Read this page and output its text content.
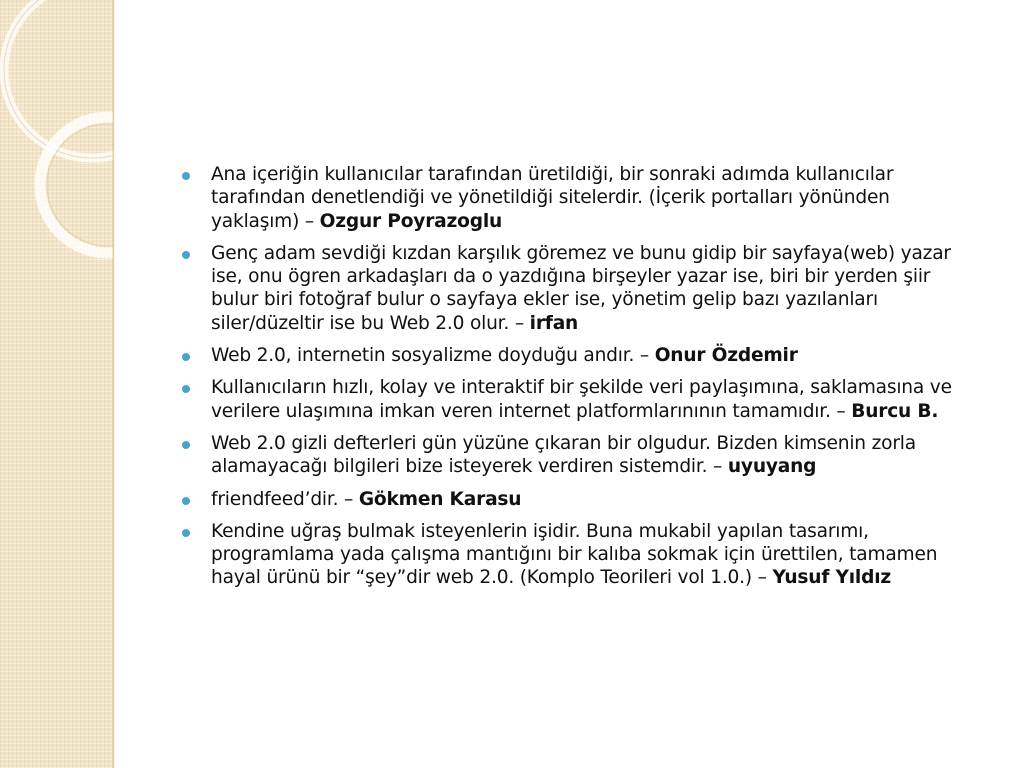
Ana içeriğin kullanıcılar tarafından üretildiği, bir sonraki adımda kullanıcılar tarafından denetlendiği ve yönetildiği sitelerdir. (İçerik portalları yönünden yaklaşım) – Ozgur Poyrazoglu
Genç adam sevdiği kızdan karşılık göremez ve bunu gidip bir sayfaya(web) yazar ise, onu ögren arkadaşları da o yazdığına birşeyler yazar ise, biri bir yerden şiir bulur biri fotoğraf bulur o sayfaya ekler ise, yönetim gelip bazı yazılanları siler/düzeltir ise bu Web 2.0 olur. – irfan
Web 2.0, internetin sosyalizme doyduğu andır. – Onur Özdemir
Kullanıcıların hızlı, kolay ve interaktif bir şekilde veri paylaşımına, saklamasına ve verilere ulaşımına imkan veren internet platformlarınının tamamıdır. – Burcu B.
Web 2.0 gizli defterleri gün yüzüne çıkaran bir olgudur. Bizden kimsenin zorla alamayacağı bilgileri bize isteyerek verdiren sistemdir. – uyuyang
friendfeed’dir. – Gökmen Karasu
Kendine uğraş bulmak isteyenlerin işidir. Buna mukabil yapılan tasarımı, programlama yada çalışma mantığını bir kalıba sokmak için ürettilen, tamamen hayal ürünü bir “şey”dir web 2.0. (Komplo Teorileri vol 1.0.) – Yusuf Yıldız
